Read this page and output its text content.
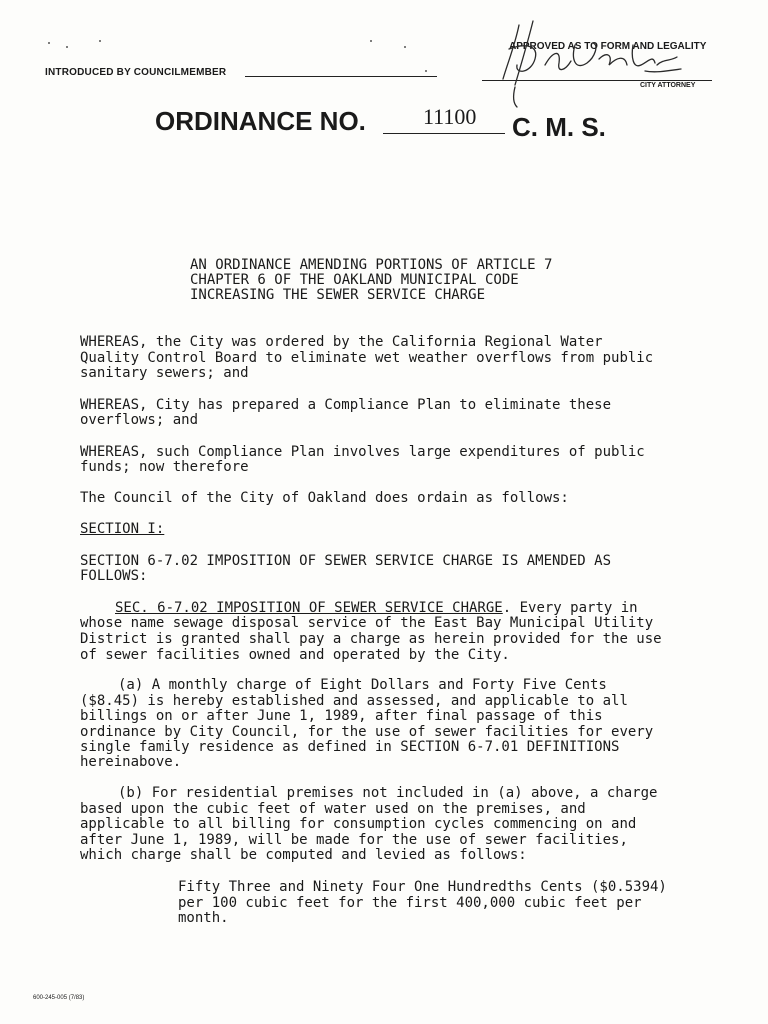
INTRODUCED BY COUNCILMEMBER
APPROVED AS TO FORM AND LEGALITY
CITY ATTORNEY
ORDINANCE NO.	11100 C. M. S.
AN ORDINANCE AMENDING PORTIONS OF ARTICLE 7
CHAPTER 6 OF THE OAKLAND MUNICIPAL CODE
INCREASING THE SEWER SERVICE CHARGE
WHEREAS, the City was ordered by the California Regional Water
Quality Control Board to eliminate wet weather overflows from public
sanitary sewers; and
WHEREAS, City has prepared a Compliance Plan to eliminate these
overflows; and
WHEREAS, such Compliance Plan involves large expenditures of public
funds; now therefore
The Council of the City of Oakland does ordain as follows:
SECTION I:
SECTION 6-7.02 IMPOSITION OF SEWER SERVICE CHARGE IS AMENDED AS
FOLLOWS:
SEC. 6-7.02 IMPOSITION OF SEWER SERVICE CHARGE. Every party in
whose name sewage disposal service of the East Bay Municipal Utility
District is granted shall pay a charge as herein provided for the use
of sewer facilities owned and operated by the City.
(a) A monthly charge of Eight Dollars and Forty Five Cents
($8.45) is hereby established and assessed, and applicable to all
billings on or after June 1, 1989, after final passage of this
ordinance by City Council, for the use of sewer facilities for every
single family residence as defined in SECTION 6-7.01 DEFINITIONS
hereinabove.
(b) For residential premises not included in (a) above, a charge
based upon the cubic feet of water used on the premises, and
applicable to all billing for consumption cycles commencing on and
after June 1, 1989, will be made for the use of sewer facilities,
which charge shall be computed and levied as follows:
Fifty Three and Ninety Four One Hundredths Cents ($0.5394)
per 100 cubic feet for the first 400,000 cubic feet per
month.
600-245-005 (7/83)
